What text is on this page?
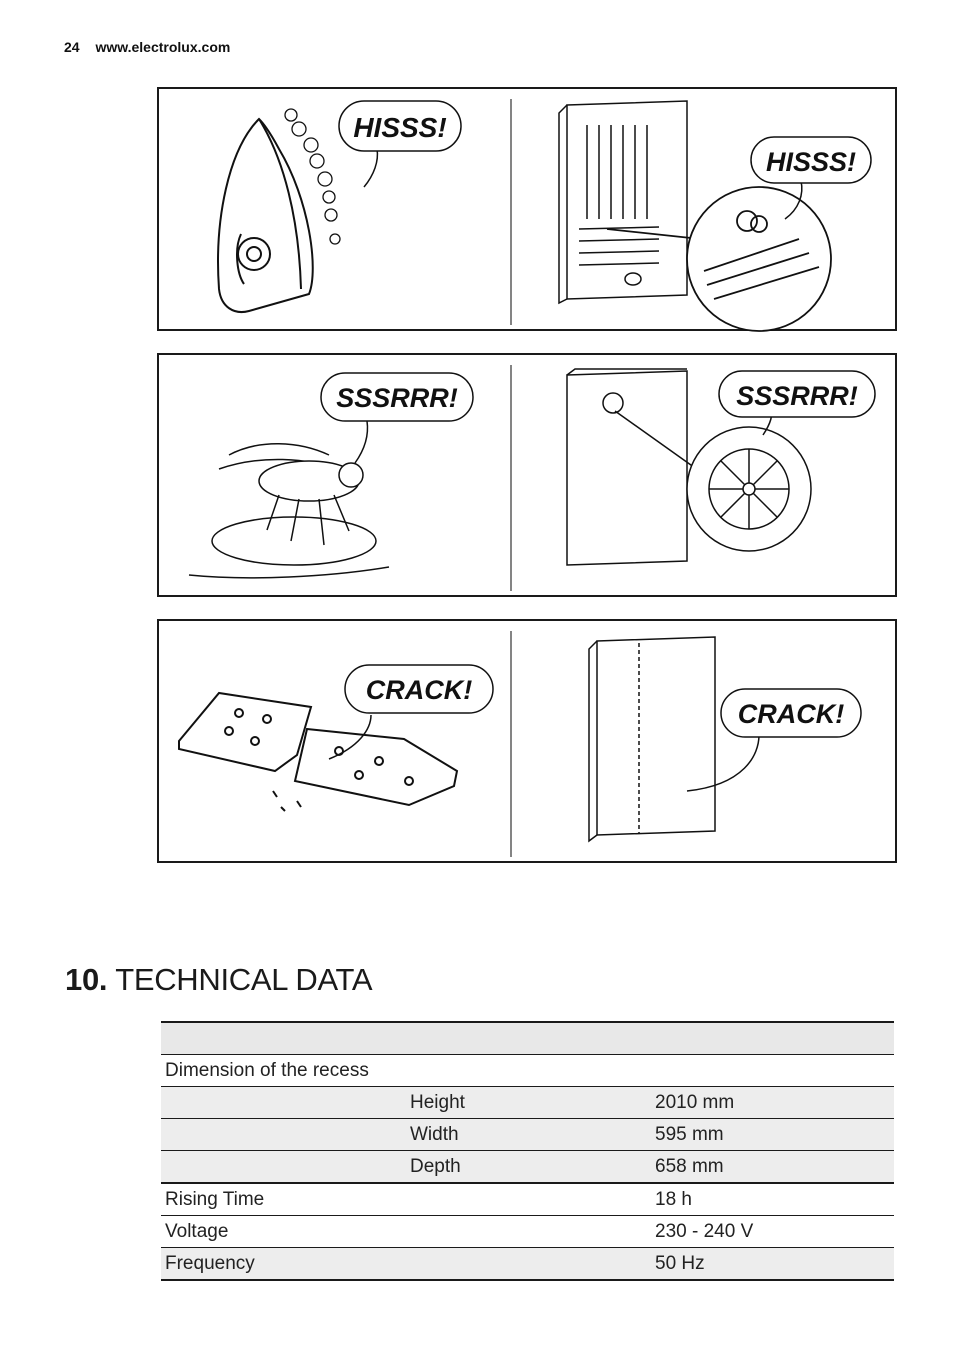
24 www.electrolux.com
HISSS!
HISSS!
SSSRRR!	SSSRRR!
CRACK!
CRACK!
10. TECHNICAL DATA

Dimension of the recess		
	Height	2010 mm
	Width	595 mm
	Depth	658 mm
Rising Time		18 h
Voltage		230 - 240 V
Frequency		50 Hz
